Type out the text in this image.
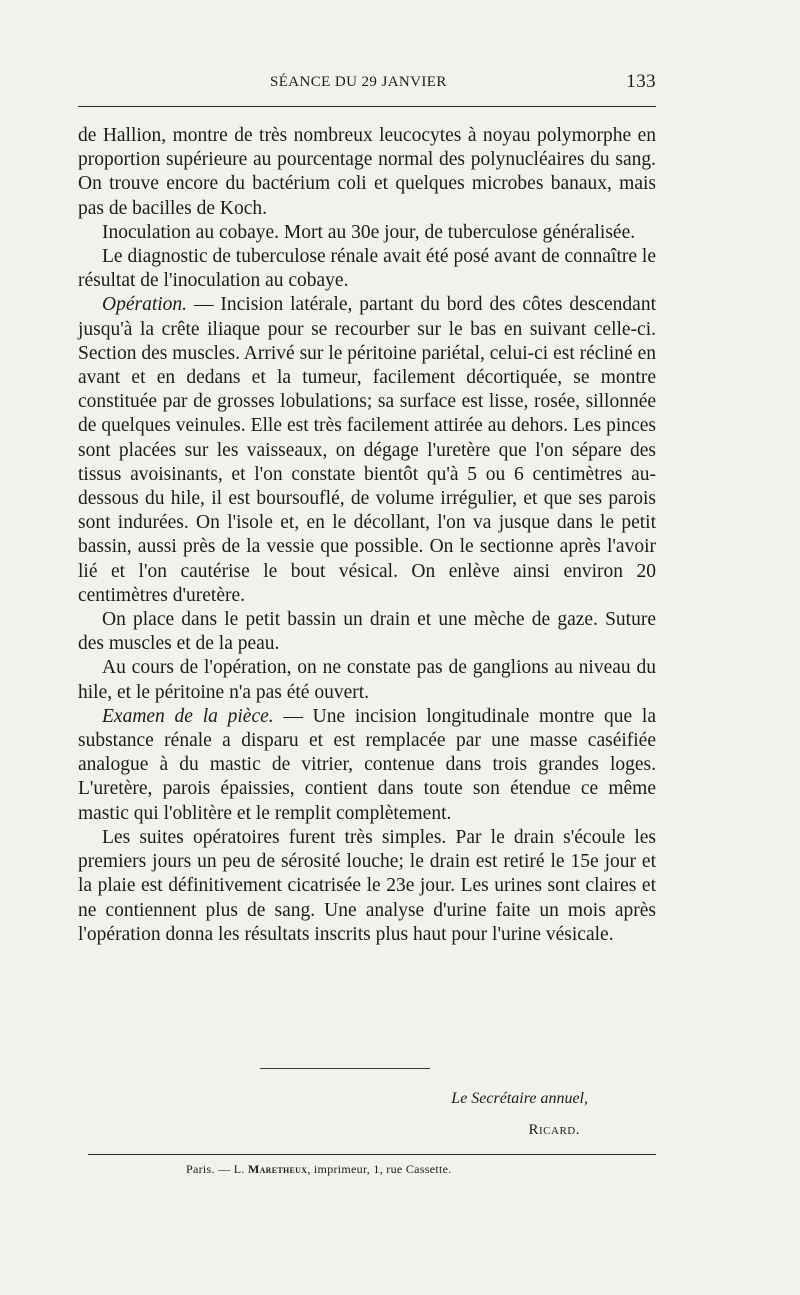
SÉANCE DU 29 JANVIER	133

de Hallion, montre de très nombreux leucocytes à noyau polymorphe en proportion supérieure au pourcentage normal des polynucléaires du sang. On trouve encore du bactérium coli et quelques microbes banaux, mais pas de bacilles de Koch.

Inoculation au cobaye. Mort au 30e jour, de tuberculose généralisée.

Le diagnostic de tuberculose rénale avait été posé avant de connaître le résultat de l'inoculation au cobaye.

Opération. — Incision latérale, partant du bord des côtes descendant jusqu'à la crête iliaque pour se recourber sur le bas en suivant celle-ci. Section des muscles. Arrivé sur le péritoine pariétal, celui-ci est récliné en avant et en dedans et la tumeur, facilement décortiquée, se montre constituée par de grosses lobulations; sa surface est lisse, rosée, sillonnée de quelques veinules. Elle est très facilement attirée au dehors. Les pinces sont placées sur les vaisseaux, on dégage l'uretère que l'on sépare des tissus avoisinants, et l'on constate bientôt qu'à 5 ou 6 centimètres au-dessous du hile, il est boursouflé, de volume irrégulier, et que ses parois sont indurées. On l'isole et, en le décollant, l'on va jusque dans le petit bassin, aussi près de la vessie que possible. On le sectionne après l'avoir lié et l'on cautérise le bout vésical. On enlève ainsi environ 20 centimètres d'uretère.

On place dans le petit bassin un drain et une mèche de gaze. Suture des muscles et de la peau.

Au cours de l'opération, on ne constate pas de ganglions au niveau du hile, et le péritoine n'a pas été ouvert.

Examen de la pièce. — Une incision longitudinale montre que la substance rénale a disparu et est remplacée par une masse caséifiée analogue à du mastic de vitrier, contenue dans trois grandes loges. L'uretère, parois épaissies, contient dans toute son étendue ce même mastic qui l'oblitère et le remplit complètement.

Les suites opératoires furent très simples. Par le drain s'écoule les premiers jours un peu de sérosité louche; le drain est retiré le 15e jour et la plaie est définitivement cicatrisée le 23e jour. Les urines sont claires et ne contiennent plus de sang. Une analyse d'urine faite un mois après l'opération donna les résultats inscrits plus haut pour l'urine vésicale.

Le Secrétaire annuel,
Ricard.
Paris. — L. Maretheux, imprimeur, 1, rue Cassette.
